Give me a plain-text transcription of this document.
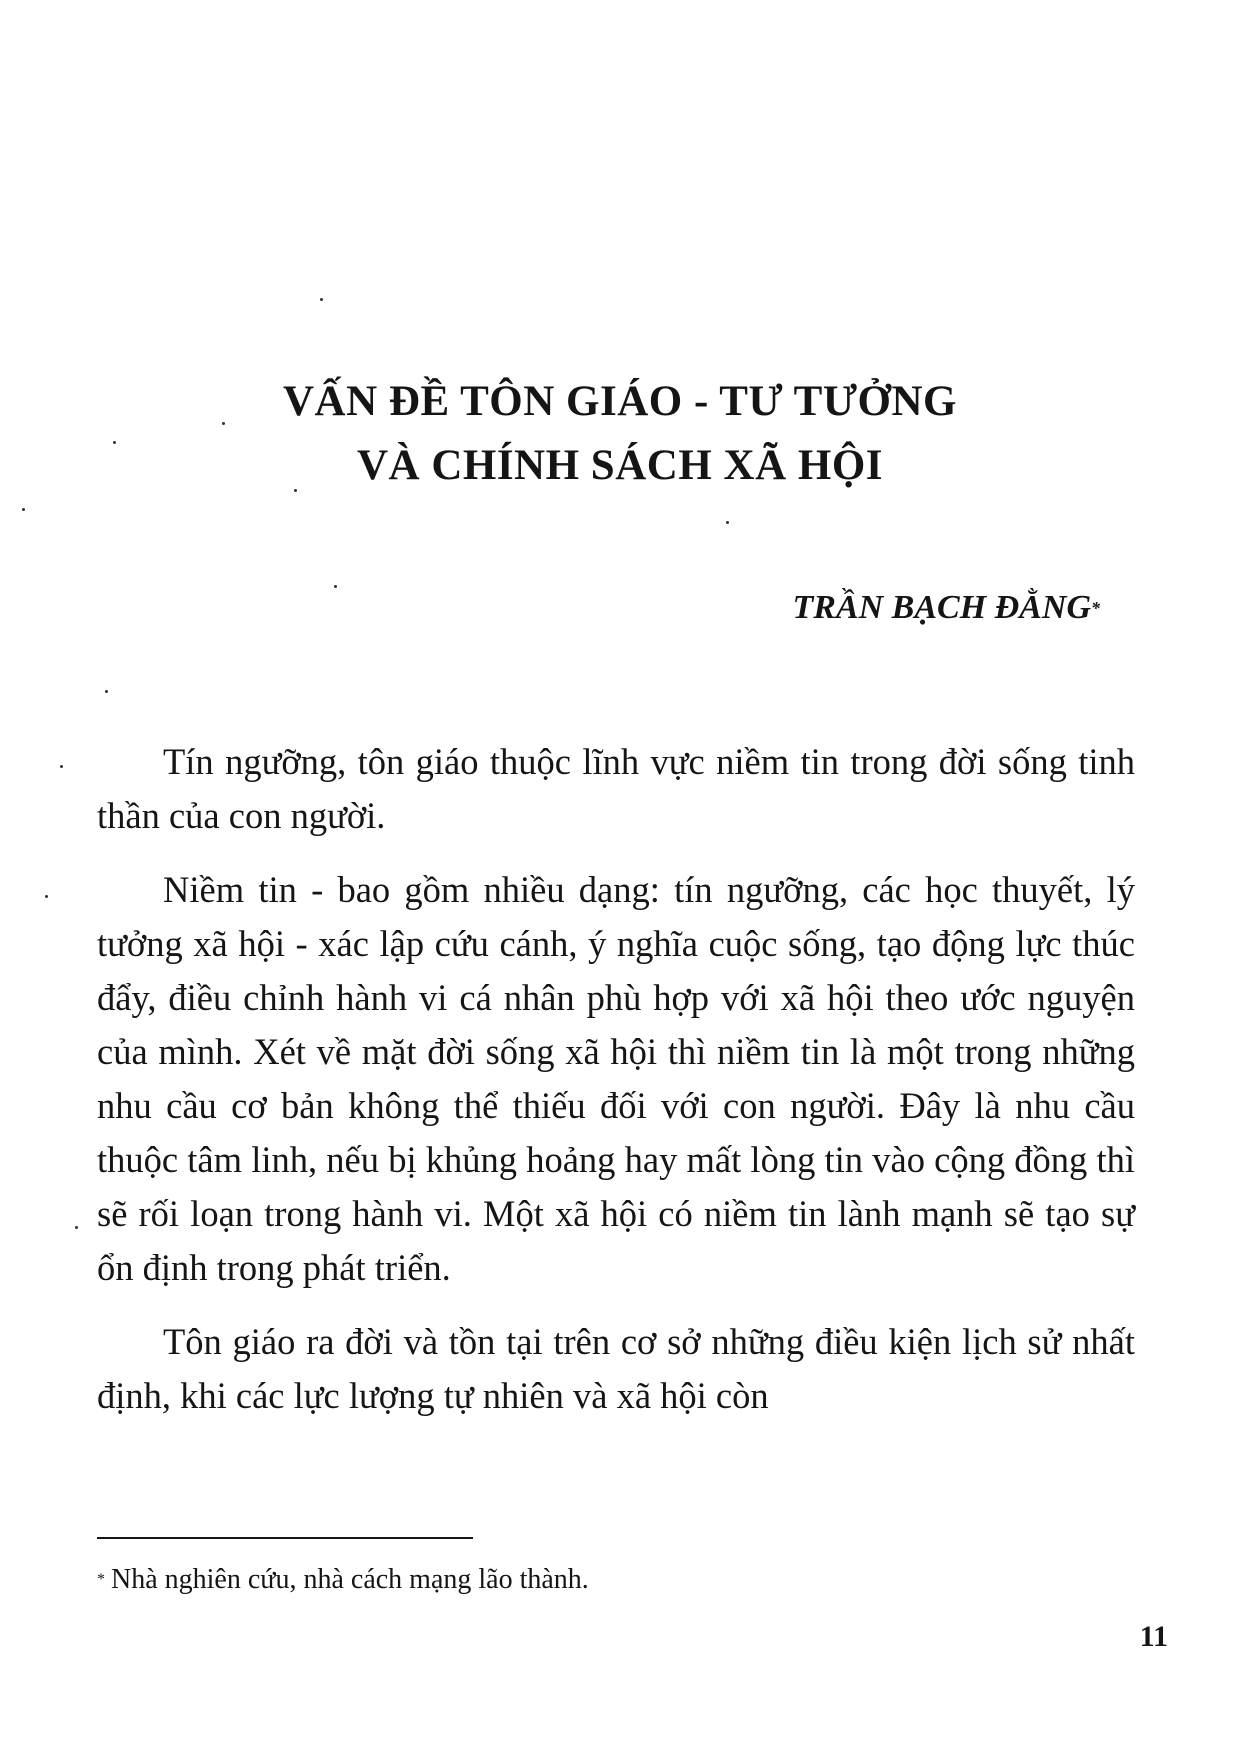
VẤN ĐỀ TÔN GIÁO - TƯ TƯỞNG
VÀ CHÍNH SÁCH XÃ HỘI
TRẦN BẠCH ĐẰNG*

Tín ngưỡng, tôn giáo thuộc lĩnh vực niềm tin trong đời sống tinh thần của con người.

Niềm tin - bao gồm nhiều dạng: tín ngưỡng, các học thuyết, lý tưởng xã hội - xác lập cứu cánh, ý nghĩa cuộc sống, tạo động lực thúc đẩy, điều chỉnh hành vi cá nhân phù hợp với xã hội theo ước nguyện của mình. Xét về mặt đời sống xã hội thì niềm tin là một trong những nhu cầu cơ bản không thể thiếu đối với con người. Đây là nhu cầu thuộc tâm linh, nếu bị khủng hoảng hay mất lòng tin vào cộng đồng thì sẽ rối loạn trong hành vi. Một xã hội có niềm tin lành mạnh sẽ tạo sự ổn định trong phát triển.

Tôn giáo ra đời và tồn tại trên cơ sở những điều kiện lịch sử nhất định, khi các lực lượng tự nhiên và xã hội còn

* Nhà nghiên cứu, nhà cách mạng lão thành.
11
